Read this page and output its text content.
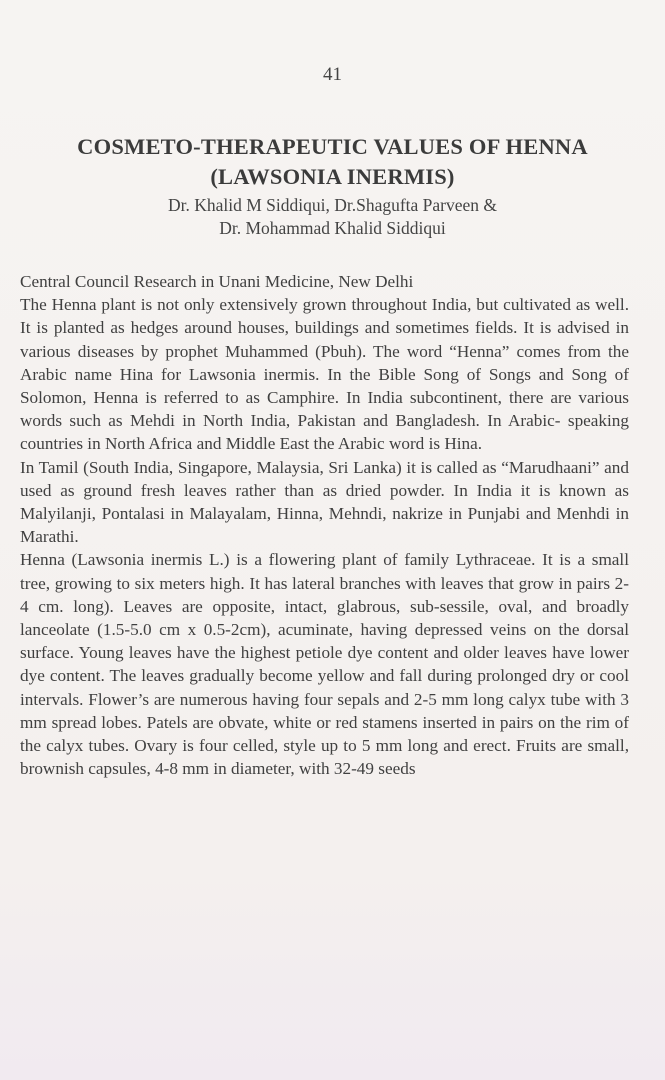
41
COSMETO-THERAPEUTIC VALUES OF HENNA
(LAWSONIA INERMIS)
Dr. Khalid M Siddiqui, Dr.Shagufta Parveen &
Dr. Mohammad Khalid Siddiqui

Central Council Research in Unani Medicine, New Delhi

The Henna plant is not only extensively grown throughout India, but cultivated as well. It is planted as hedges around houses, buildings and sometimes fields. It is advised in various diseases by prophet Muhammed (Pbuh). The word “Henna” comes from the Arabic name Hina for Lawsonia inermis. In the Bible Song of Songs and Song of Solomon, Henna is referred to as Camphire. In India subcontinent, there are various words such as Mehdi in North India, Pakistan and Bangladesh. In Arabic- speaking countries in North Africa and Middle East the Arabic word is Hina.

In Tamil (South India, Singapore, Malaysia, Sri Lanka) it is called as “Marudhaani” and used as ground fresh leaves rather than as dried powder. In India it is known as Malyilanji, Pontalasi in Malayalam, Hinna, Mehndi, nakrize in Punjabi and Menhdi in Marathi.

Henna (Lawsonia inermis L.) is a flowering plant of family Lythraceae. It is a small tree, growing to six meters high. It has lateral branches with leaves that grow in pairs 2-4 cm. long). Leaves are opposite, intact, glabrous, sub-sessile, oval, and broadly lanceolate (1.5-5.0 cm x 0.5-2cm), acuminate, having depressed veins on the dorsal surface. Young leaves have the highest petiole dye content and older leaves have lower dye content. The leaves gradually become yellow and fall during prolonged dry or cool intervals. Flower’s are numerous having four sepals and 2-5 mm long calyx tube with 3 mm spread lobes. Patels are obvate, white or red stamens inserted in pairs on the rim of the calyx tubes. Ovary is four celled, style up to 5 mm long and erect. Fruits are small, brownish capsules, 4-8 mm in diameter, with 32-49 seeds
